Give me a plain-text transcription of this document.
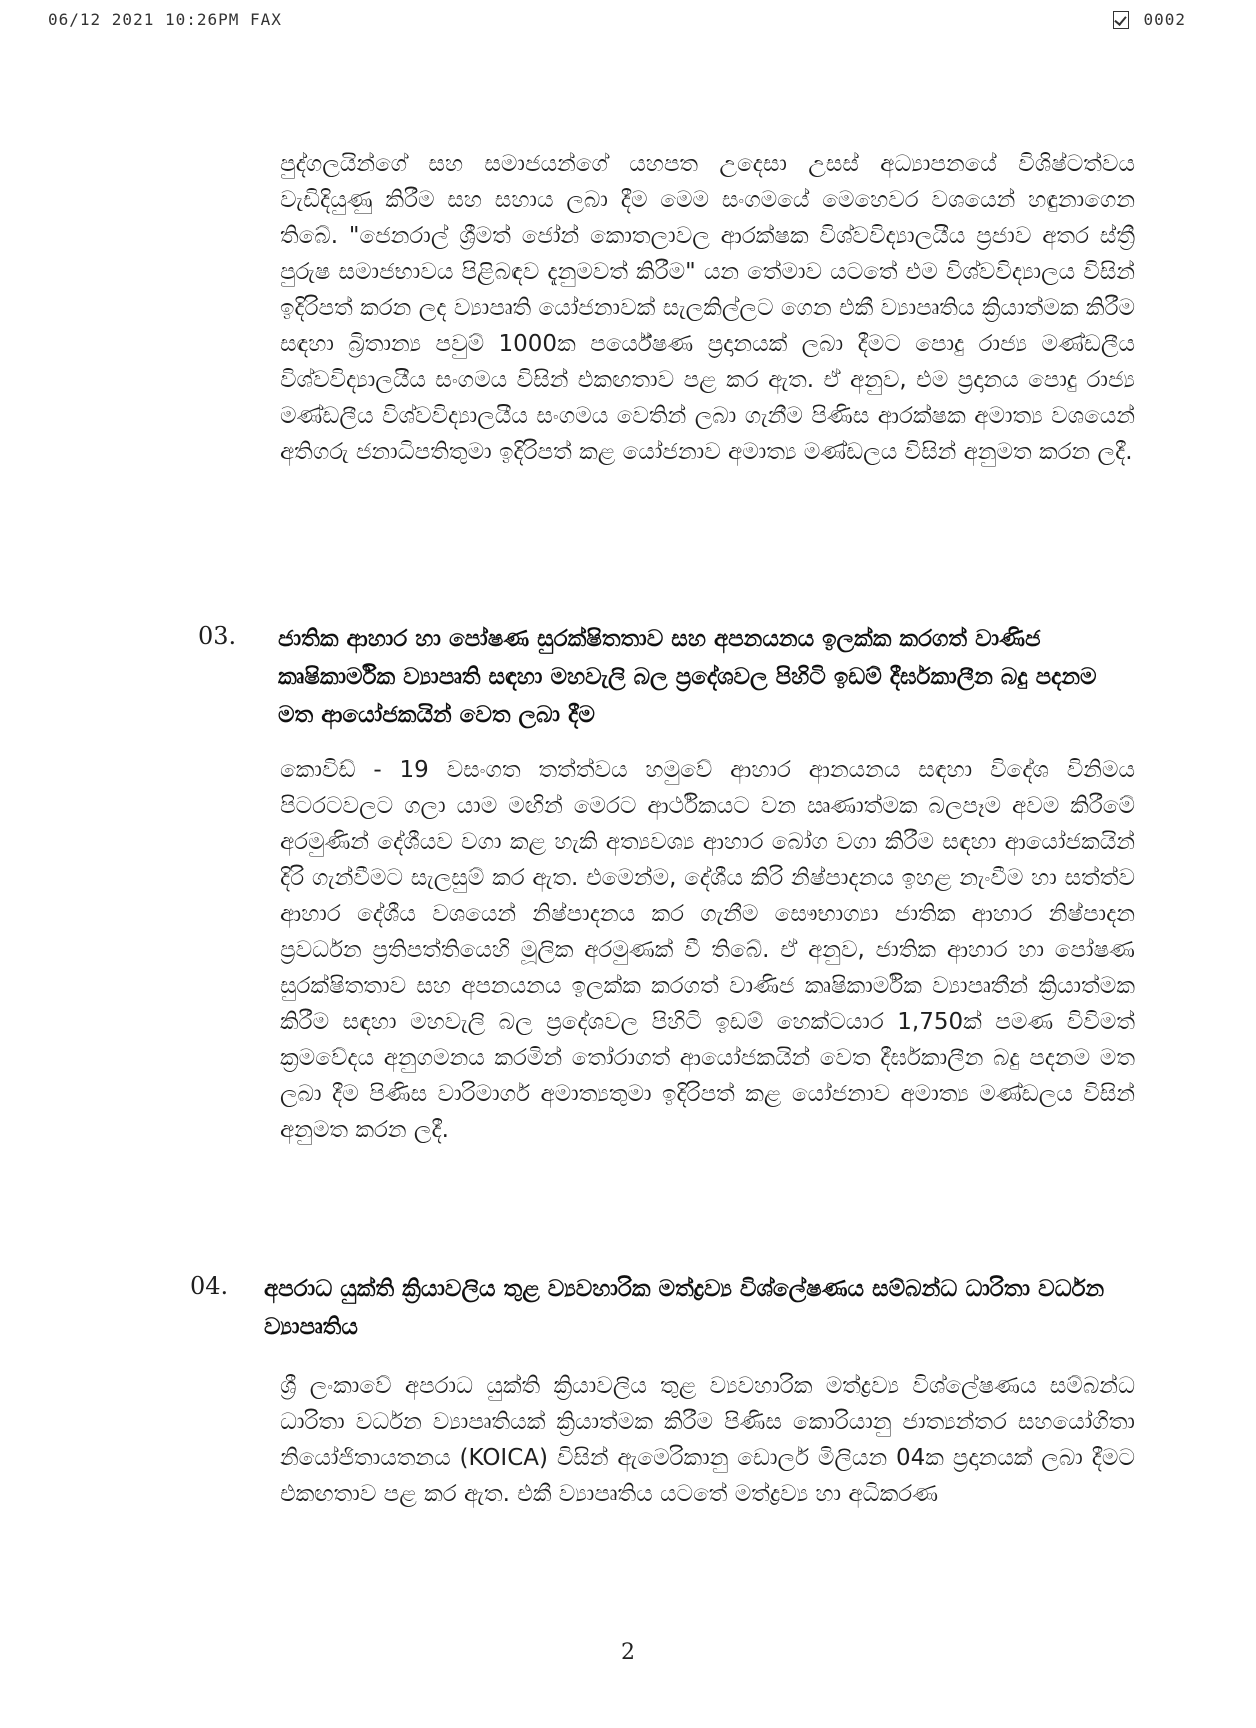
06/12 2021 10:26PM FAX	0002

පුද්ගලයින්ගේ සහ සමාජයන්ගේ යහපත උදෙසා උසස් අධ්‍යාපනයේ විශිෂ්ටත්වය වැඩිදියුණු කිරීම සහ සහාය ලබා දීම මෙම සංගමයේ මෙහෙවර වශයෙන් හඳුනාගෙන තිබේ. "ජෙනරාල් ශ්‍රීමත් ජෝන් කොතලාවල ආරක්ෂක විශ්වවිද්‍යාලයීය ප්‍රජාව අතර ස්ත්‍රී පුරුෂ සමාජභාවය පිළිබඳව දැනුමවත් කිරීම" යන තේමාව යටතේ එම විශ්වවිද්‍යාලය විසින් ඉදිරිපත් කරන ලද ව්‍යාපෘති යෝජනාවක් සැලකිල්ලට ගෙන එකී ව්‍යාපෘතිය ක්‍රියාත්මක කිරීම සඳහා බ්‍රිතාන්‍ය පවුම් 1000ක පර්යේෂණ ප්‍රදානයක් ලබා දීමට පොදු රාජ්‍ය මණ්ඩලීය විශ්වවිද්‍යාලයීය සංගමය විසින් එකඟතාව පළ කර ඇත. ඒ අනුව, එම ප්‍රදානය පොදු රාජ්‍ය මණ්ඩලීය විශ්වවිද්‍යාලයීය සංගමය වෙතින් ලබා ගැනීම පිණිස ආරක්ෂක අමාත්‍ය වශයෙන් අතිගරු ජනාධිපතිතුමා ඉදිරිපත් කළ යෝජනාව අමාත්‍ය මණ්ඩලය විසින් අනුමත කරන ලදී.

03. ජාතික ආහාර හා පෝෂණ සුරක්ෂිතතාව සහ අපනයනය ඉලක්ක කරගත් වාණිජ කෘෂිකාර්මික ව්‍යාපෘති සඳහා මහවැලි බල ප්‍රදේශවල පිහිටි ඉඩම් දීර්ඝකාලීන බදු පදනම මත ආයෝජකයින් වෙත ලබා දීම

කොවිඩ් - 19 වසංගත තත්ත්වය හමුවේ ආහාර ආනයනය සඳහා විදේශ විනිමය පිටරටවලට ගලා යාම මඟින් මෙරට ආර්ථිකයට වන ඍණාත්මක බලපෑම අවම කිරීමේ අරමුණින් දේශීයව වගා කළ හැකි අත්‍යවශ්‍ය ආහාර බෝග වගා කිරීම සඳහා ආයෝජකයින් දිරි ගැන්වීමට සැලසුම් කර ඇත. එමෙන්ම, දේශීය කිරි නිෂ්පාදනය ඉහළ නැංවීම හා සත්ත්ව ආහාර දේශීය වශයෙන් නිෂ්පාදනය කර ගැනීම සෞභාග්‍යා ජාතික ආහාර නිෂ්පාදන ප්‍රවර්ධන ප්‍රතිපත්තියෙහි මූලික අරමුණක් වී තිබේ. ඒ අනුව, ජාතික ආහාර හා පෝෂණ සුරක්ෂිතතාව සහ අපනයනය ඉලක්ක කරගත් වාණිජ කෘෂිකාර්මික ව්‍යාපෘතීන් ක්‍රියාත්මක කිරීම සඳහා මහවැලි බල ප්‍රදේශවල පිහිටි ඉඩම් හෙක්ටයාර 1,750ක් පමණ විවිමත් ක්‍රමවේදය අනුගමනය කරමින් තෝරාගත් ආයෝජකයින් වෙත දීර්ඝකාලීන බදු පදනම මත ලබා දීම පිණිස වාරිමාර්ග අමාත්‍යතුමා ඉදිරිපත් කළ යෝජනාව අමාත්‍ය මණ්ඩලය විසින් අනුමත කරන ලදී.

04. අපරාධ යුක්ති ක්‍රියාවලිය තුළ ව්‍යවහාරික මත්ද්‍රව්‍ය විශ්ලේෂණය සම්බන්ධ ධාරිතා වර්ධන ව්‍යාපෘතිය

ශ්‍රී ලංකාවේ අපරාධ යුක්ති ක්‍රියාවලිය තුළ ව්‍යවහාරික මත්ද්‍රව්‍ය විශ්ලේෂණය සම්බන්ධ ධාරිතා වර්ධන ව්‍යාපෘතියක් ක්‍රියාත්මක කිරීම පිණිස කොරියානු ජාත්‍යන්තර සහයෝගිතා නියෝජිතායතනය (KOICA) විසින් ඇමෙරිකානු ඩොලර් මිලියන 04ක ප්‍රදානයක් ලබා දීමට එකඟතාව පළ කර ඇත. එකී ව්‍යාපෘතිය යටතේ මත්ද්‍රව්‍ය හා අධිකරණ

2
